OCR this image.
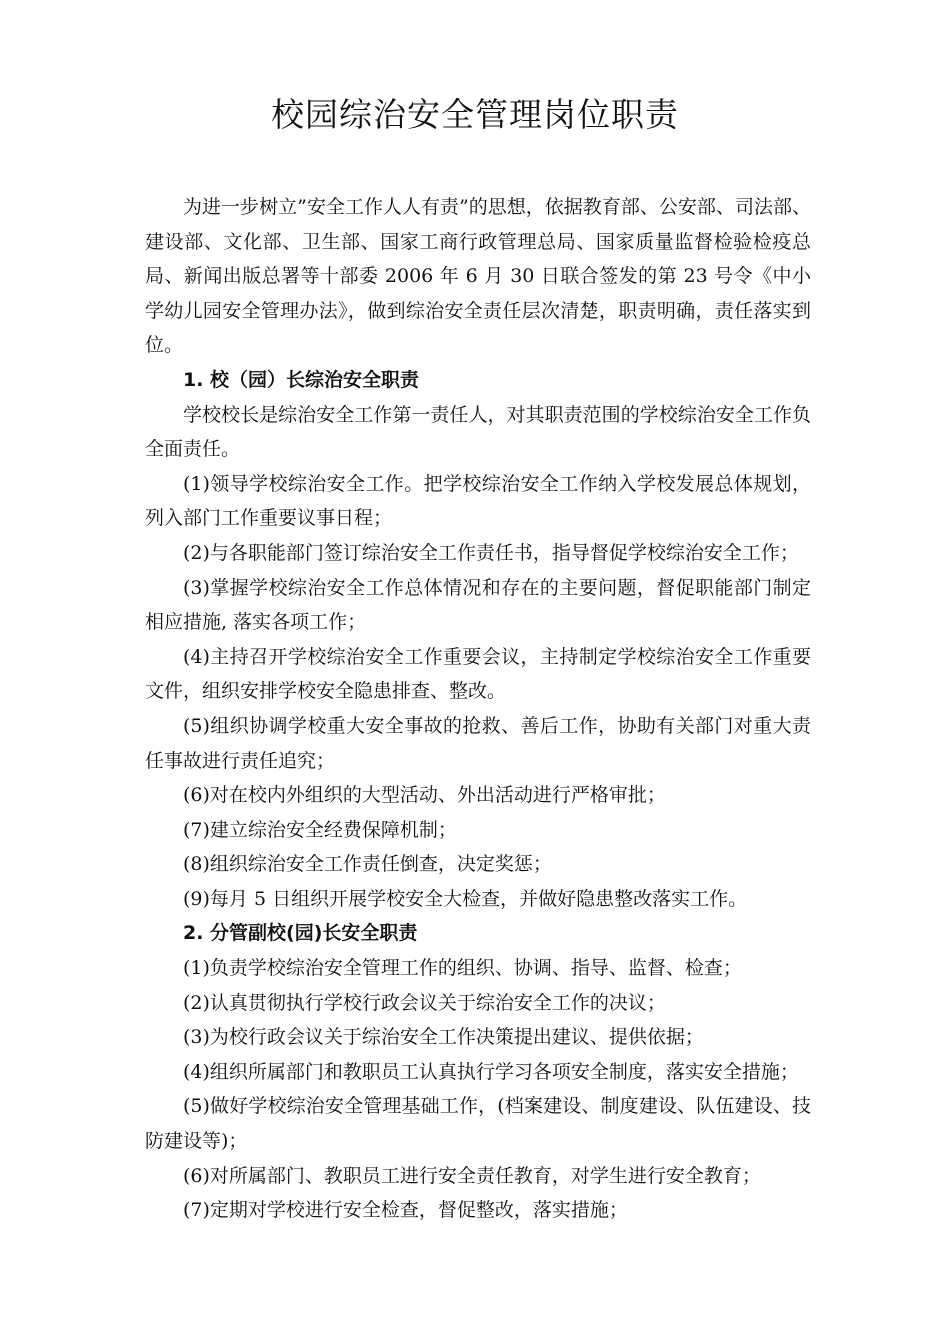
校园综治安全管理岗位职责

为进一步树立”安全工作人人有责”的思想，依据教育部、公安部、司法部、建设部、文化部、卫生部、国家工商行政管理总局、国家质量监督检验检疫总局、新闻出版总署等十部委 2006 年 6 月 30 日联合签发的第 23 号令《中小学幼儿园安全管理办法》，做到综治安全责任层次清楚，职责明确，责任落实到位。

1. 校（园）长综治安全职责

学校校长是综治安全工作第一责任人，对其职责范围的学校综治安全工作负全面责任。

(1)领导学校综治安全工作。把学校综治安全工作纳入学校发展总体规划，列入部门工作重要议事日程；

(2)与各职能部门签订综治安全工作责任书，指导督促学校综治安全工作；

(3)掌握学校综治安全工作总体情况和存在的主要问题，督促职能部门制定相应措施, 落实各项工作；

(4)主持召开学校综治安全工作重要会议，主持制定学校综治安全工作重要文件，组织安排学校安全隐患排查、整改。

(5)组织协调学校重大安全事故的抢救、善后工作，协助有关部门对重大责任事故进行责任追究；

(6)对在校内外组织的大型活动、外出活动进行严格审批；

(7)建立综治安全经费保障机制；

(8)组织综治安全工作责任倒查，决定奖惩；

(9)每月 5 日组织开展学校安全大检查，并做好隐患整改落实工作。

2. 分管副校(园)长安全职责

(1)负责学校综治安全管理工作的组织、协调、指导、监督、检查；

(2)认真贯彻执行学校行政会议关于综治安全工作的决议；

(3)为校行政会议关于综治安全工作决策提出建议、提供依据；

(4)组织所属部门和教职员工认真执行学习各项安全制度，落实安全措施；

(5)做好学校综治安全管理基础工作，(档案建设、制度建设、队伍建设、技防建设等)；

(6)对所属部门、教职员工进行安全责任教育，对学生进行安全教育；

(7)定期对学校进行安全检查，督促整改，落实措施；
